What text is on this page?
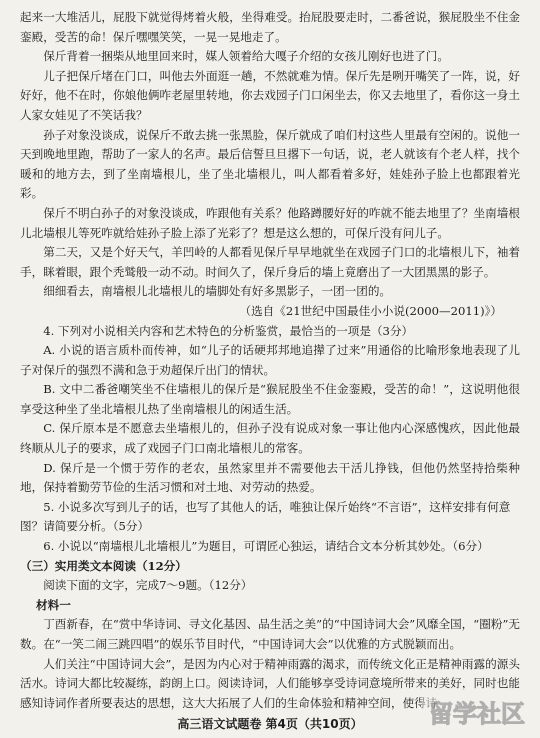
起来一大堆活儿，屁股下就觉得烤着火般，坐得难受。抬屁股要走时，二番爸说，猴屁股坐不住金銮殿，受苦的命！保斤嘿嘿笑笑，一晃一晃地走了。

保斤背着一捆柴从地里回来时，媒人领着给大嘎子介绍的女孩儿刚好也进了门。

儿子把保斤堵在门口，叫他去外面逛一趟，不然就难为情。保斤先是咧开嘴笑了一阵，说，好好好，他不在时，你娘他俩咋老屋里转地，你去戏园子门口闲坐去，你又去地里了，看你这一身土人家女娃见了不笑话我？

孙子对象没谈成，说保斤不敢去挑一张黑脸，保斤就成了咱们村这些人里最有空闲的。说他一天到晚地里跑，帮助了一家人的名声。最后信誓旦旦撂下一句话，说，老人就该有个老人样，找个暖和的地方去，到了坐南墙根儿，坐了坐北墙根儿，叫人都看着多好，娃娃孙子脸上也都跟着光彩。

保斤不明白孙子的对象没谈成，咋跟他有关系？他路蹲腰好好的咋就不能去地里了？坐南墙根儿北墙根儿等死咋就给娃孙子脸上添了光彩了？想是这么想的，可保斤没有问儿子。

第二天，又是个好天气，羊凹岭的人都看见保斤早早地就坐在戏园子门口的北墙根儿下，袖着手，眯着眼，跟个秃鹫般一动不动。时间久了，保斤身后的墙上竟磨出了一大团黑黑的影子。

细细看去，南墙根儿北墙根儿的墙脚处有好多黑影子，一团一团的。

（选自《21世纪中国最佳小小说(2000—2011)》）

4. 下列对小说相关内容和艺术特色的分析鉴赏，最恰当的一项是（3分）

A. 小说的语言质朴而传神，如“儿子的话硬邦邦地追撵了过来”用通俗的比喻形象地表现了儿子对保斤的强烈不满和急于劝超保斤出门的情状。

B. 文中二番爸嘲笑坐不住墙根儿的保斤是“猴屁股坐不住金銮殿，受苦的命！”，这说明他很享受这种坐了坐北墙根儿热了坐南墙根儿的闲适生活。

C. 保斤原本是不愿意去坐墙根儿的，但孙子没有说成对象一事让他内心深感愧疚，因此他最终顺从儿子的要求，成了戏园子门口南北墙根儿的常客。

D. 保斤是一个惯于劳作的老农，虽然家里并不需要他去干活儿挣钱，但他仍然坚持拾柴种地，保持着勤劳节俭的生活习惯和对土地、对劳动的热爱。

5. 小说多次写到儿子的话，也写了其他人的话，唯独让保斤始终“不言语”，这样安排有何意图？请简要分析。（5分）

6. 小说以“南墙根儿北墙根儿”为题目，可谓匠心独运，请结合文本分析其妙处。（6分）

（三）实用类文本阅读（12分）

阅读下面的文字，完成7～9题。（12分）

材料一

丁酉新春，在“赏中华诗词、寻文化基因、品生活之美”的“中国诗词大会”风靡全国，“圈粉”无数。在“一笑二闹三跳四唱”的娱乐节目时代，“中国诗词大会”以优雅的方式脱颖而出。

人们关注“中国诗词大会”，是因为内心对于精神雨露的渴求，而传统文化正是精神雨露的源头活水。诗词大都比较凝练，韵朗上口。阅读诗词，人们能够享受诗词意境所带来的美好，同时也能感知诗词作者所要表达的思想，这大大拓展了人们的生命体验和精神空间，使得诗

高三语文试题卷 第4页（共10页）	留学社区
